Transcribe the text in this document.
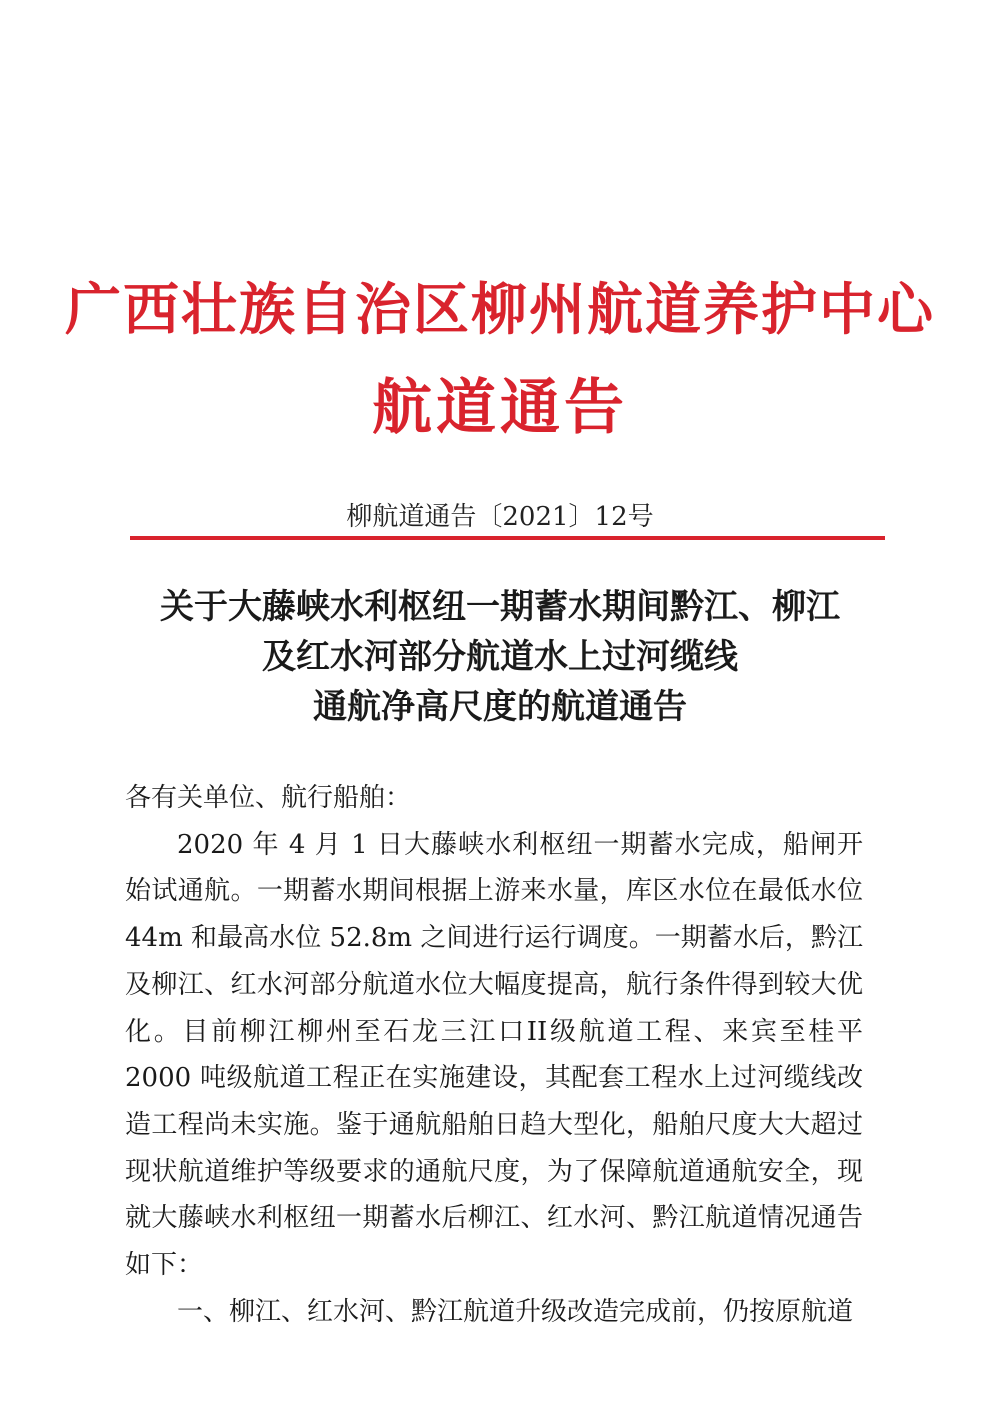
广西壮族自治区柳州航道养护中心
航道通告
柳航道通告〔2021〕12号
关于大藤峡水利枢纽一期蓄水期间黔江、柳江
及红水河部分航道水上过河缆线
通航净高尺度的航道通告

各有关单位、航行船舶：

2020 年 4 月 1 日大藤峡水利枢纽一期蓄水完成，船闸开始试通航。一期蓄水期间根据上游来水量，库区水位在最低水位44m 和最高水位 52.8m 之间进行运行调度。一期蓄水后，黔江及柳江、红水河部分航道水位大幅度提高，航行条件得到较大优化。目前柳江柳州至石龙三江口II级航道工程、来宾至桂平 2000 吨级航道工程正在实施建设，其配套工程水上过河缆线改造工程尚未实施。鉴于通航船舶日趋大型化，船舶尺度大大超过现状航道维护等级要求的通航尺度，为了保障航道通航安全，现就大藤峡水利枢纽一期蓄水后柳江、红水河、黔江航道情况通告如下：

一、柳江、红水河、黔江航道升级改造完成前，仍按原航道
